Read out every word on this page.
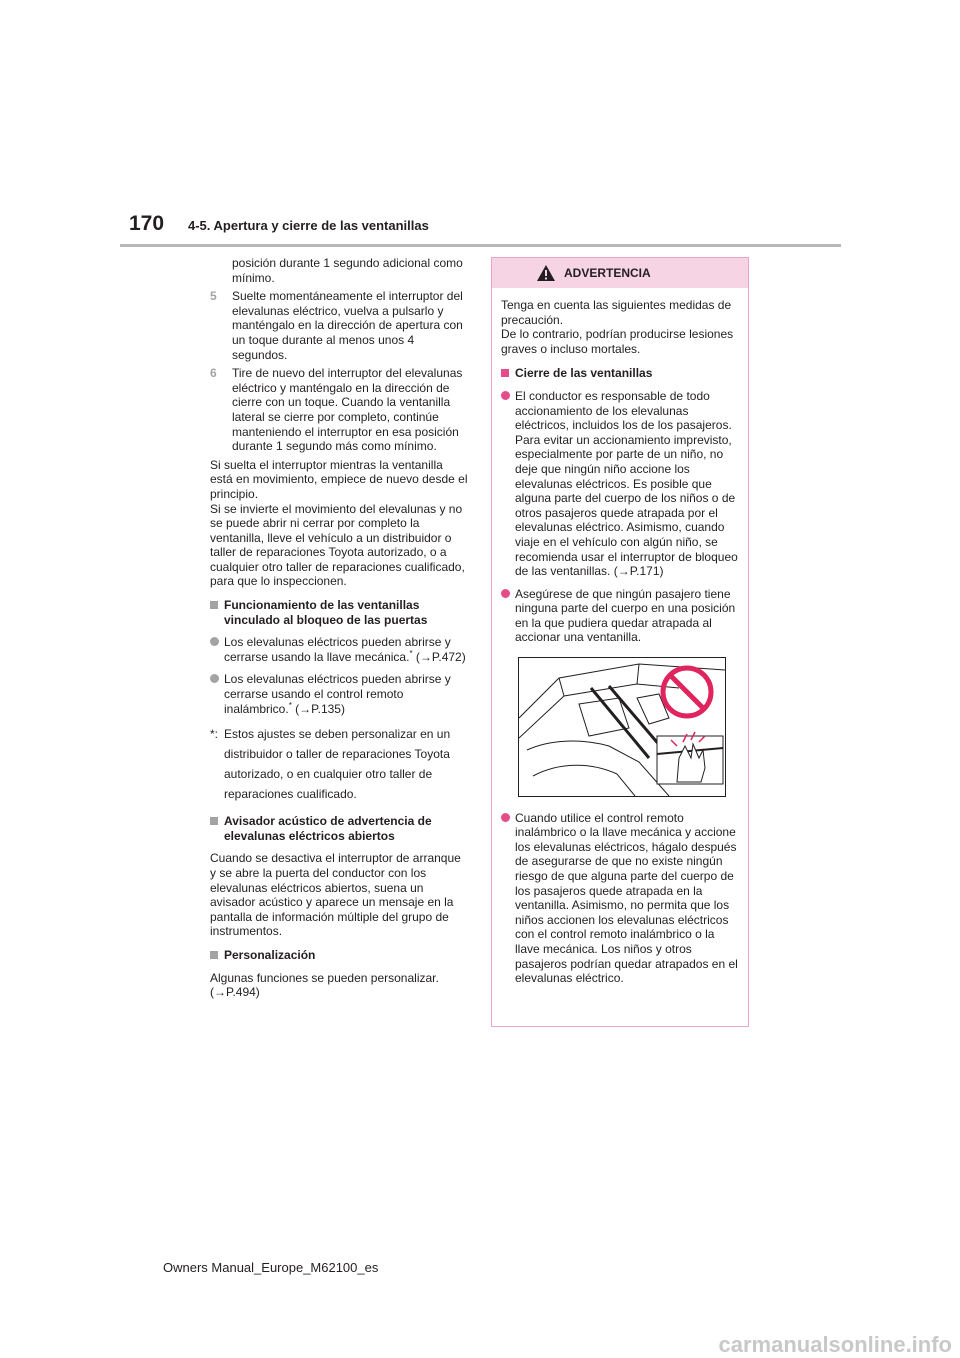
170 4-5. Apertura y cierre de las ventanillas

posición durante 1 segundo adicional como mínimo.

5	Suelte momentáneamente el interruptor del elevalunas eléctrico, vuelva a pulsarlo y manténgalo en la dirección de apertura con un toque durante al menos unos 4 segundos.
6	Tire de nuevo del interruptor del elevalunas eléctrico y manténgalo en la dirección de cierre con un toque. Cuando la ventanilla lateral se cierre por completo, continúe manteniendo el interruptor en esa posición durante 1 segundo más como mínimo.

Si suelta el interruptor mientras la ventanilla está en movimiento, empiece de nuevo desde el principio.

Si se invierte el movimiento del elevalunas y no se puede abrir ni cerrar por completo la ventanilla, lleve el vehículo a un distribuidor o taller de reparaciones Toyota autorizado, o a cualquier otro taller de reparaciones cualificado, para que lo inspeccionen.

Funcionamiento de las ventanillas vinculado al bloqueo de las puertas
Los elevalunas eléctricos pueden abrirse y cerrarse usando la llave mecánica.* (→P.472)
Los elevalunas eléctricos pueden abrirse y cerrarse usando el control remoto inalámbrico.* (→P.135)
*: Estos ajustes se deben personalizar en un distribuidor o taller de reparaciones Toyota autorizado, o en cualquier otro taller de reparaciones cualificado.
Avisador acústico de advertencia de elevalunas eléctricos abiertos

Cuando se desactiva el interruptor de arranque y se abre la puerta del conductor con los elevalunas eléctricos abiertos, suena un avisador acústico y aparece un mensaje en la pantalla de información múltiple del grupo de instrumentos.

Personalización

Algunas funciones se pueden personalizar.

(→P.494)

ADVERTENCIA

Tenga en cuenta las siguientes medidas de precaución.

De lo contrario, podrían producirse lesiones graves o incluso mortales.

Cierre de las ventanillas
El conductor es responsable de todo accionamiento de los elevalunas eléctricos, incluidos los de los pasajeros. Para evitar un accionamiento imprevisto, especialmente por parte de un niño, no deje que ningún niño accione los elevalunas eléctricos. Es posible que alguna parte del cuerpo de los niños o de otros pasajeros quede atrapada por el elevalunas eléctrico. Asimismo, cuando viaje en el vehículo con algún niño, se recomienda usar el interruptor de bloqueo de las ventanillas. (→P.171)
Asegúrese de que ningún pasajero tiene ninguna parte del cuerpo en una posición en la que pudiera quedar atrapada al accionar una ventanilla.
Cuando utilice el control remoto inalámbrico o la llave mecánica y accione los elevalunas eléctricos, hágalo después de asegurarse de que no existe ningún riesgo de que alguna parte del cuerpo de los pasajeros quede atrapada en la ventanilla. Asimismo, no permita que los niños accionen los elevalunas eléctricos con el control remoto inalámbrico o la llave mecánica. Los niños y otros pasajeros podrían quedar atrapados en el elevalunas eléctrico.
Owners Manual_Europe_M62100_es
carmanualsonline.info
